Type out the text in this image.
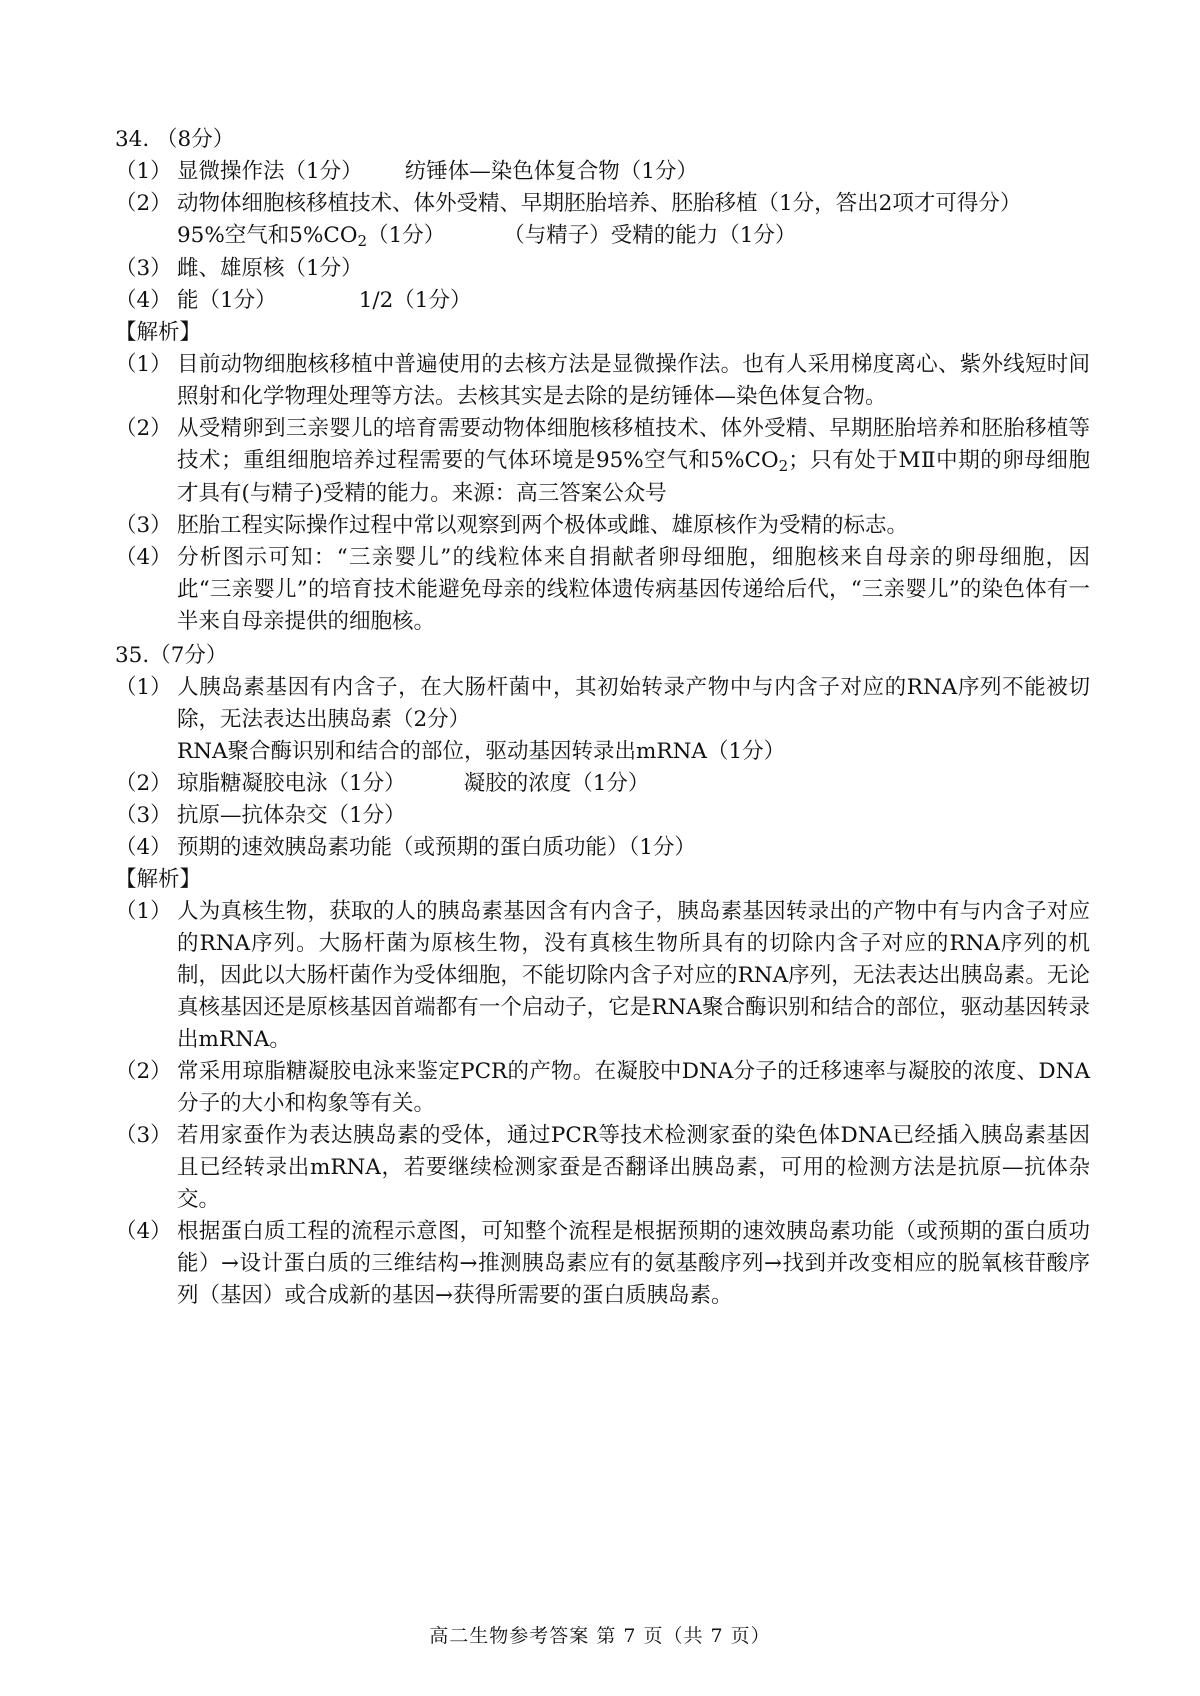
34. （8分）
（1） 显微操作法（1分） 纺锤体—染色体复合物（1分）
（2） 动物体细胞核移植技术、体外受精、早期胚胎培养、胚胎移植（1分，答出2项才可得分）
95%空气和$5\%CO_2(1$分）	（与精子）受精的能力（1分）
（3） 雌、雄原核（1分）
（4） 能（1分）	1/2（1分）
【解析】
（1） 目前动物细胞核移植中普遍使用的去核方法是显微操作法。也有人采用梯度离心、紫外线短时间照射和化学物理处理等方法。去核其实是去除的是纺锤体—染色体复合物。
（2） 从受精卵到三亲婴儿的培育需要动物体细胞核移植技术、体外受精、早期胚胎培养和胚胎移植等技术；重组细胞培养过程需要的气体环境是95%空气和$5\%CO_2$；只有处于MⅡ中期的卵母细胞才具有(与精子)受精的能力。来源：高三答案公众号
（3） 胚胎工程实际操作过程中常以观察到两个极体或雌、雄原核作为受精的标志。
（4） 分析图示可知：“三亲婴儿”的线粒体来自捐献者卵母细胞，细胞核来自母亲的卵母细胞，因此“三亲婴儿”的培育技术能避免母亲的线粒体遗传病基因传递给后代，“三亲婴儿”的染色体有一半来自母亲提供的细胞核。
35.（7分）
（1） 人胰岛素基因有内含子，在大肠杆菌中，其初始转录产物中与内含子对应的RNA序列不能被切除，无法表达出胰岛素（2分）
RNA聚合酶识别和结合的部位，驱动基因转录出mRNA（1分）
（2） 琼脂糖凝胶电泳（1分）	凝胶的浓度（1分）
（3） 抗原—抗体杂交（1分）
（4） 预期的速效胰岛素功能（或预期的蛋白质功能）（1分）
【解析】
（1） 人为真核生物，获取的人的胰岛素基因含有内含子，胰岛素基因转录出的产物中有与内含子对应的RNA序列。大肠杆菌为原核生物，没有真核生物所具有的切除内含子对应的RNA序列的机制，因此以大肠杆菌作为受体细胞，不能切除内含子对应的RNA序列，无法表达出胰岛素。无论真核基因还是原核基因首端都有一个启动子，它是RNA聚合酶识别和结合的部位，驱动基因转录出mRNA。
（2） 常采用琼脂糖凝胶电泳来鉴定PCR的产物。在凝胶中DNA分子的迁移速率与凝胶的浓度、DNA分子的大小和构象等有关。
（3） 若用家蚕作为表达胰岛素的受体，通过PCR等技术检测家蚕的染色体DNA已经插入胰岛素基因且已经转录出mRNA，若要继续检测家蚕是否翻译出胰岛素，可用的检测方法是抗原—抗体杂交。
（4） 根据蛋白质工程的流程示意图，可知整个流程是根据预期的速效胰岛素功能（或预期的蛋白质功能）→设计蛋白质的三维结构→推测胰岛素应有的氨基酸序列→找到并改变相应的脱氧核苷酸序列（基因）或合成新的基因→获得所需要的蛋白质胰岛素。
高二生物参考答案 第 7 页（共 7 页）
